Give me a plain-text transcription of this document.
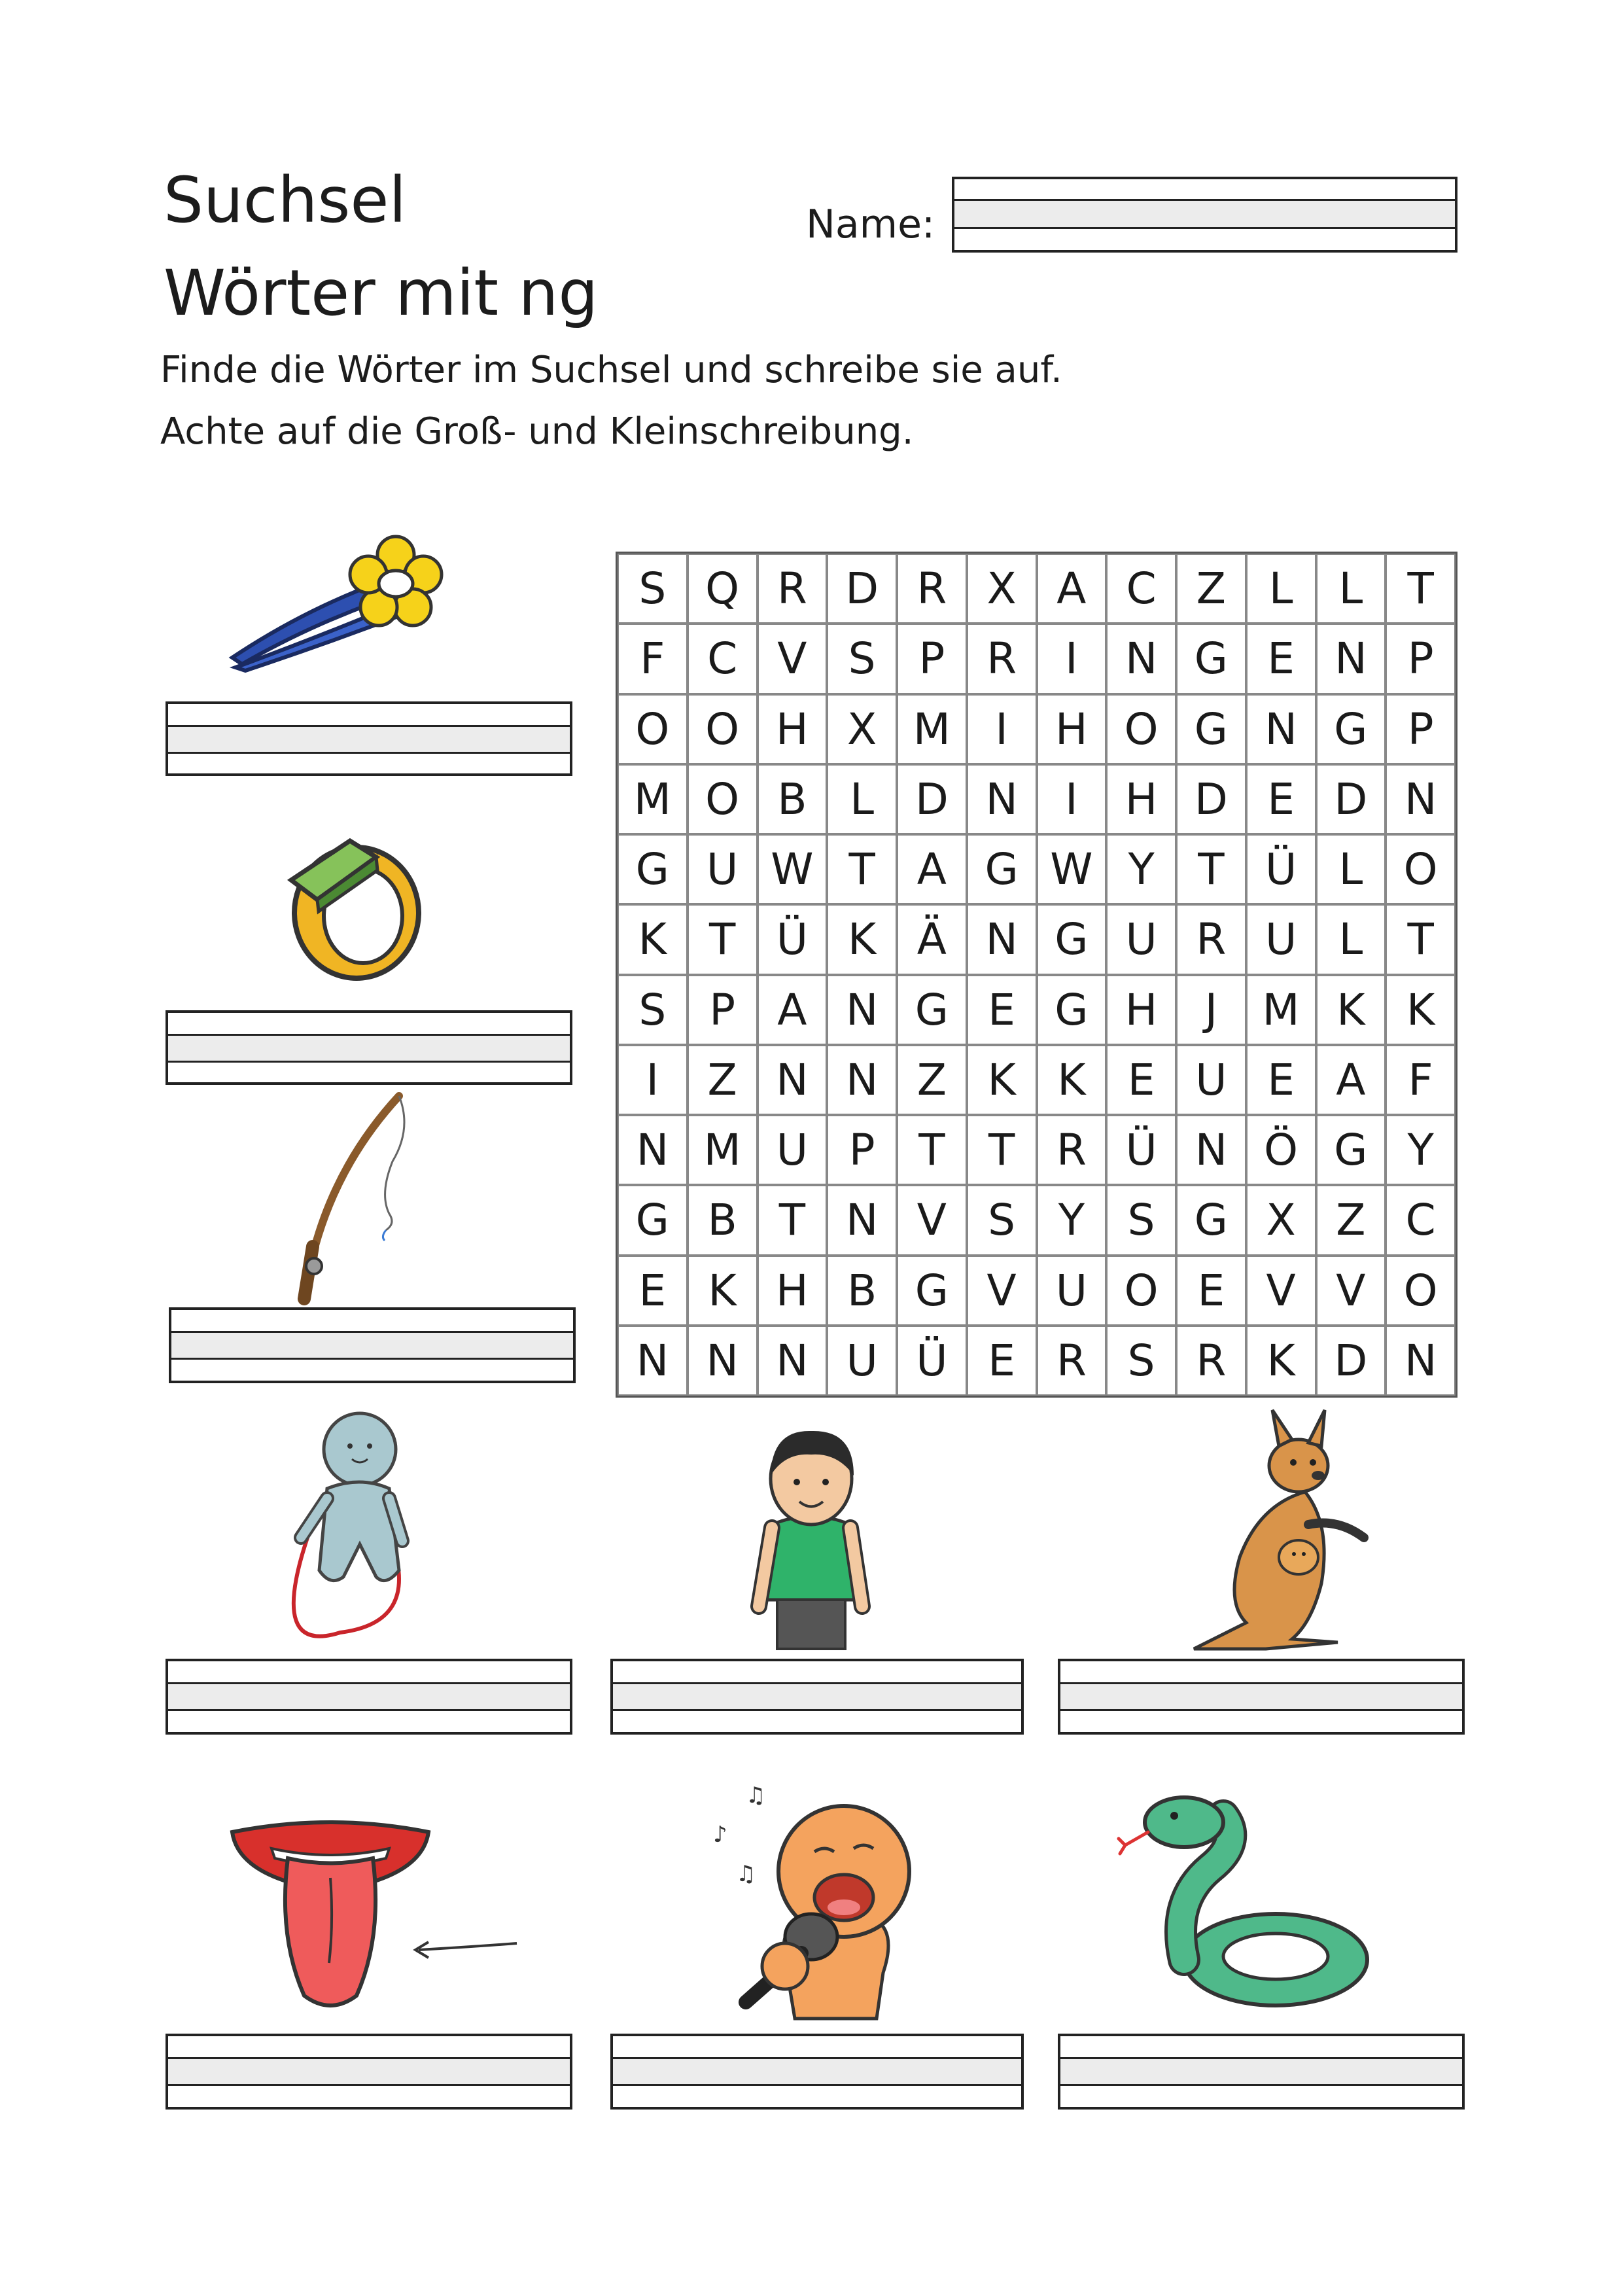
Suchsel
Wörter mit ng
Name:
Finde die Wörter im Suchsel und schreibe sie auf.
Achte auf die Groß- und Kleinschreibung.
S Q R D R X A C Z L	L	T
F C V S P R	I	N G E N P
O O H X M	I	H O G N G P
M O B L D N	I	H D E D N
G U W T A G W Y	T Ü L O
K T Ü K Ä N G U R U L	T
S P A N G E G H	J	M K K
I	Z N N Z K K E U E A F
N M U P	T	T R Ü N Ö G Y
G B T N V S Y S G X Z C
E K H B G V U O E V V O
N N N U Ü E R S R K D N
♫
♪
♫
